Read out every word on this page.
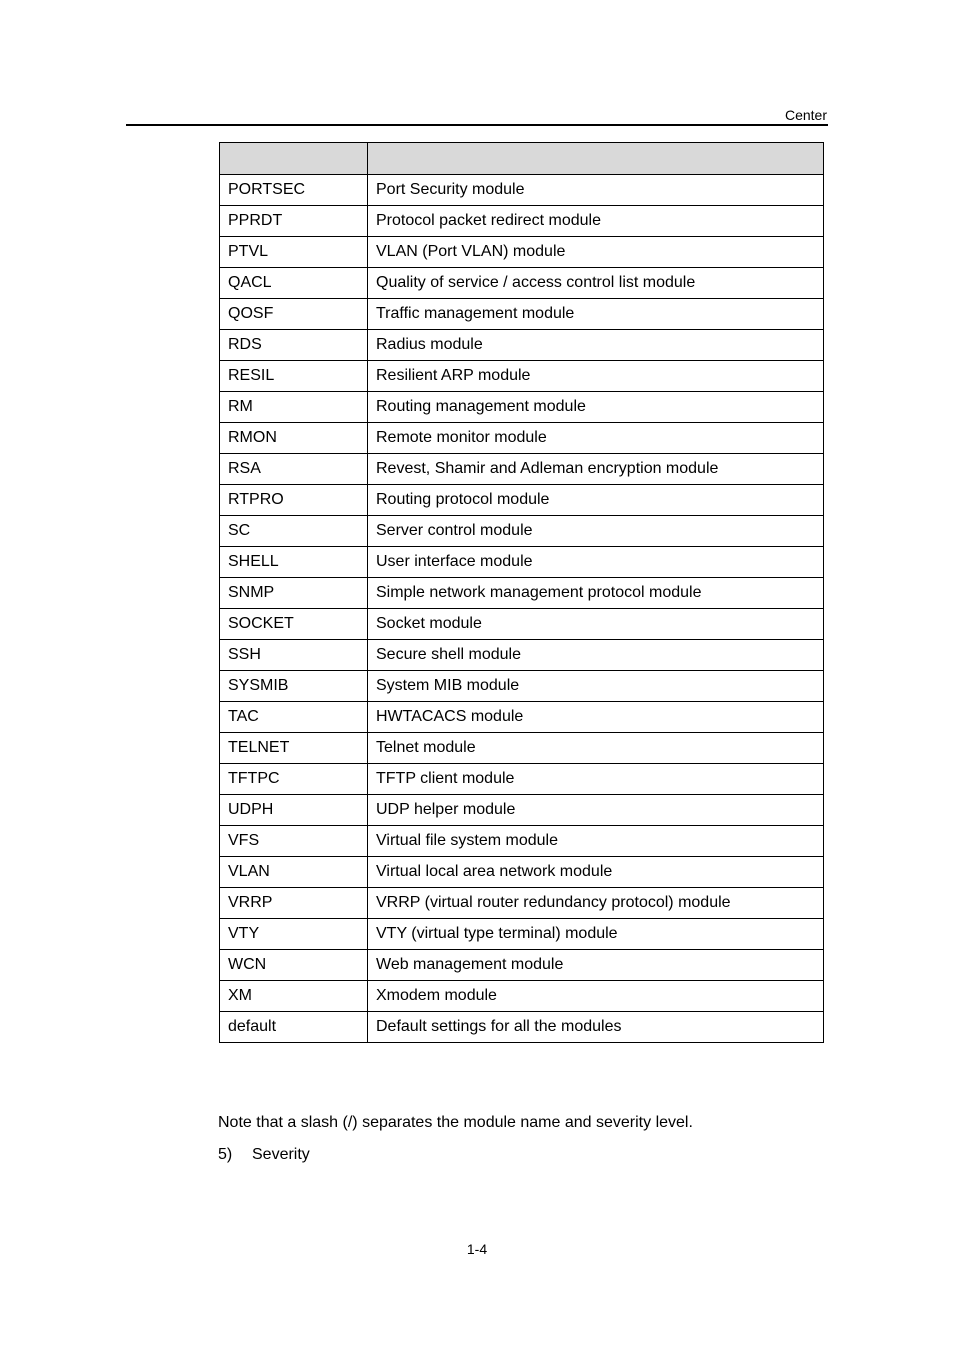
Center

PORTSEC	Port Security module
PPRDT	Protocol packet redirect module
PTVL	VLAN (Port VLAN) module
QACL	Quality of service / access control list module
QOSF	Traffic management module
RDS	Radius module
RESIL	Resilient ARP module
RM	Routing management module
RMON	Remote monitor module
RSA	Revest, Shamir and Adleman encryption module
RTPRO	Routing protocol module
SC	Server control module
SHELL	User interface module
SNMP	Simple network management protocol module
SOCKET	Socket module
SSH	Secure shell module
SYSMIB	System MIB module
TAC	HWTACACS module
TELNET	Telnet module
TFTPC	TFTP client module
UDPH	UDP helper module
VFS	Virtual file system module
VLAN	Virtual local area network module
VRRP	VRRP (virtual router redundancy protocol) module
VTY	VTY (virtual type terminal) module
WCN	Web management module
XM	Xmodem module
default	Default settings for all the modules
Note that a slash (/) separates the module name and severity level.
5) Severity
1-4
